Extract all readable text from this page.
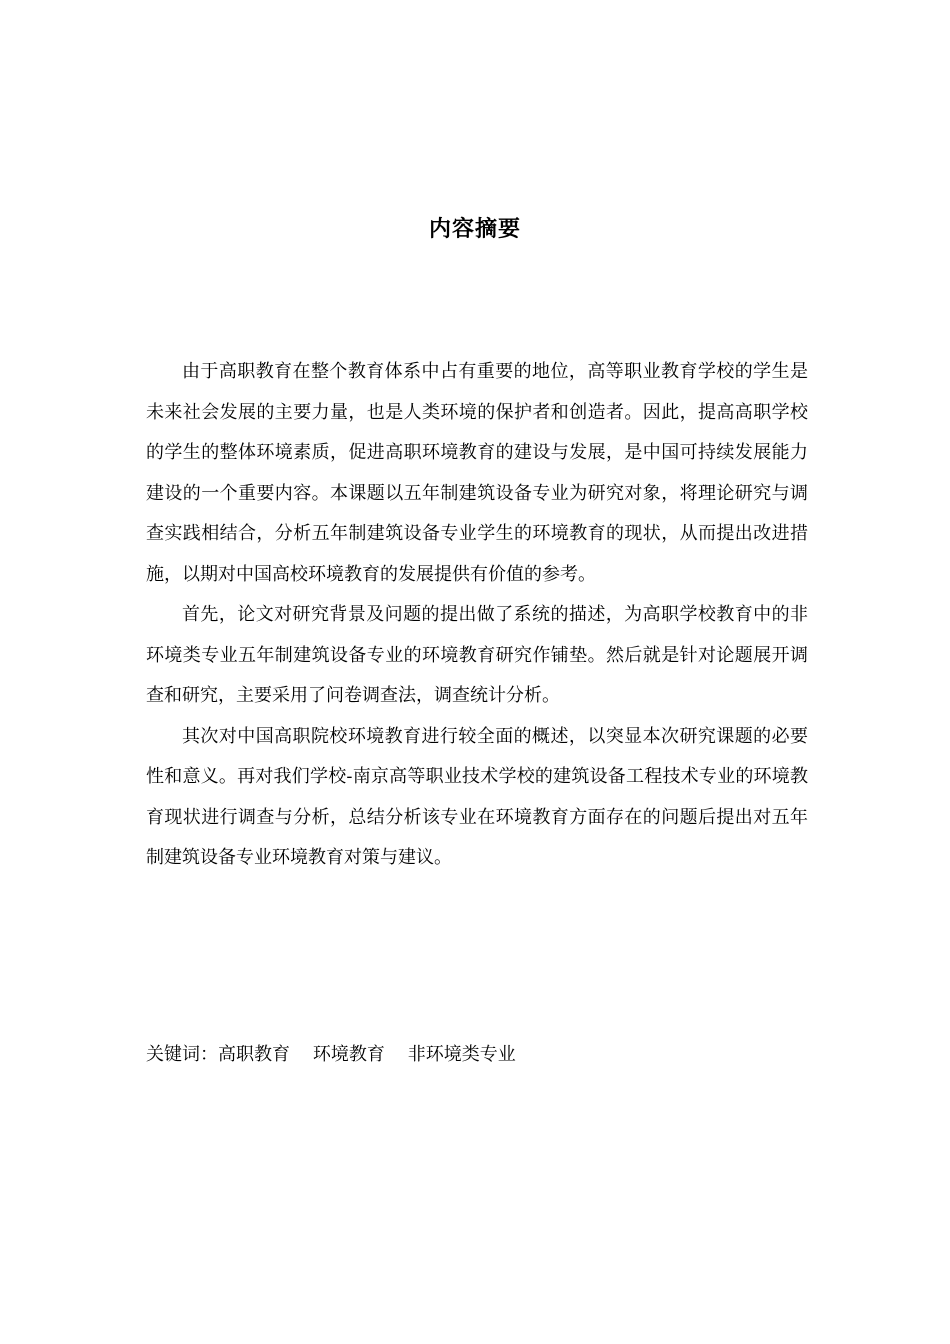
内容摘要

由于高职教育在整个教育体系中占有重要的地位，高等职业教育学校的学生是未来社会发展的主要力量，也是人类环境的保护者和创造者。因此，提高高职学校的学生的整体环境素质，促进高职环境教育的建设与发展，是中国可持续发展能力建设的一个重要内容。本课题以五年制建筑设备专业为研究对象，将理论研究与调查实践相结合，分析五年制建筑设备专业学生的环境教育的现状，从而提出改进措施，以期对中国高校环境教育的发展提供有价值的参考。

首先，论文对研究背景及问题的提出做了系统的描述，为高职学校教育中的非环境类专业五年制建筑设备专业的环境教育研究作铺垫。然后就是针对论题展开调查和研究，主要采用了问卷调查法，调查统计分析。

其次对中国高职院校环境教育进行较全面的概述，以突显本次研究课题的必要性和意义。再对我们学校-南京高等职业技术学校的建筑设备工程技术专业的环境教育现状进行调查与分析，总结分析该专业在环境教育方面存在的问题后提出对五年制建筑设备专业环境教育对策与建议。

关键词：高职教育    环境教育    非环境类专业
